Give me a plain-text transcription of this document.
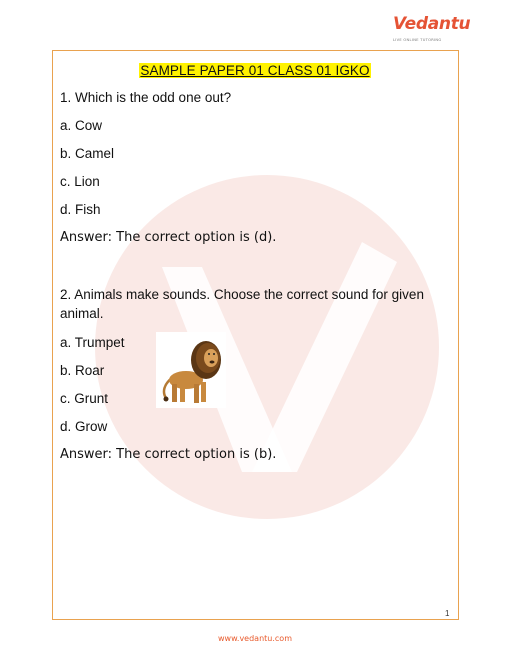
Vedantu
LIVE ONLINE TUTORING
SAMPLE PAPER 01 CLASS 01 IGKO
1. Which is the odd one out?
a. Cow
b. Camel
c. Lion
d. Fish
Answer: The correct option is (d).
2. Animals make sounds. Choose the correct sound for given
animal.
a. Trumpet
b. Roar
c. Grunt
d. Grow
Answer: The correct option is (b).
1
www.vedantu.com
